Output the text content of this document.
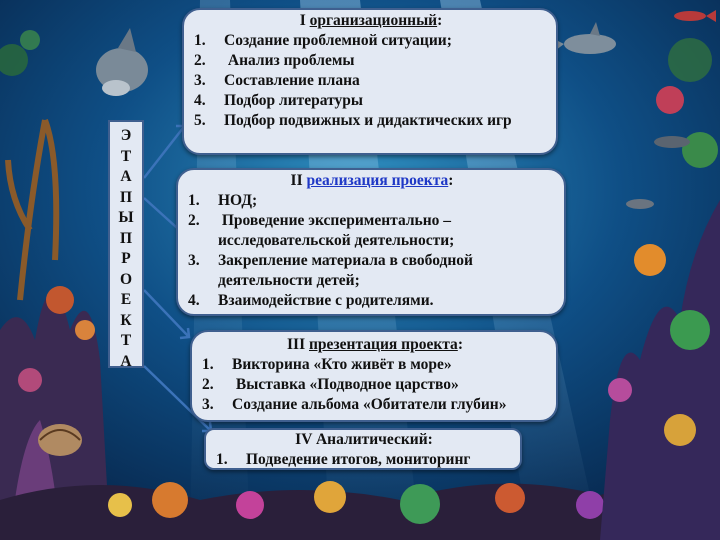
Э
Т
А
П
Ы
П
Р
О
Е
К
Т
А
I организационный:
1. Создание проблемной ситуации;
2. Анализ проблемы
3. Составление плана
4. Подбор литературы
5. Подбор подвижных и дидактических игр
II реализация проекта:
1. НОД;
2. Проведение экспериментально – исследовательской деятельности;
3. Закрепление материала в свободной деятельности детей;
4. Взаимодействие с родителями.
III презентация проекта:
1. Викторина «Кто живёт в море»
2. Выставка «Подводное царство»
3. Создание альбома «Обитатели глубин»
IV Аналитический:
1. Подведение итогов, мониторинг
